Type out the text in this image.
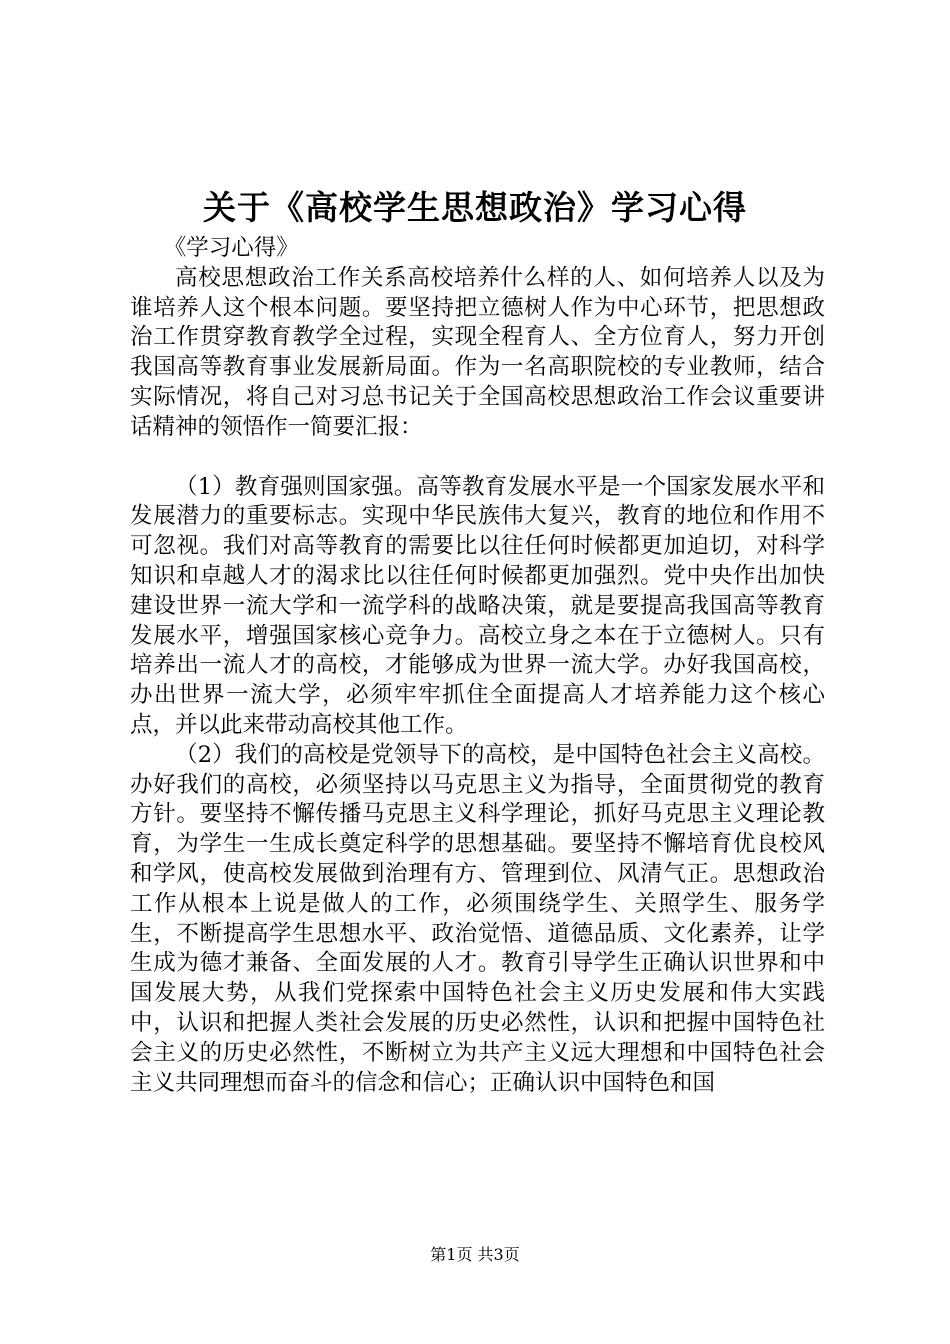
关于《高校学生思想政治》学习心得

《学习心得》

高校思想政治工作关系高校培养什么样的人、如何培养人以及为谁培养人这个根本问题。要坚持把立德树人作为中心环节，把思想政治工作贯穿教育教学全过程，实现全程育人、全方位育人，努力开创我国高等教育事业发展新局面。作为一名高职院校的专业教师，结合实际情况，将自己对习总书记关于全国高校思想政治工作会议重要讲话精神的领悟作一简要汇报：

（1）教育强则国家强。高等教育发展水平是一个国家发展水平和发展潜力的重要标志。实现中华民族伟大复兴，教育的地位和作用不可忽视。我们对高等教育的需要比以往任何时候都更加迫切，对科学知识和卓越人才的渴求比以往任何时候都更加强烈。党中央作出加快建设世界一流大学和一流学科的战略决策，就是要提高我国高等教育发展水平，增强国家核心竞争力。高校立身之本在于立德树人。只有培养出一流人才的高校，才能够成为世界一流大学。办好我国高校，办出世界一流大学，必须牢牢抓住全面提高人才培养能力这个核心点，并以此来带动高校其他工作。

（2）我们的高校是党领导下的高校，是中国特色社会主义高校。办好我们的高校，必须坚持以马克思主义为指导，全面贯彻党的教育方针。要坚持不懈传播马克思主义科学理论，抓好马克思主义理论教育，为学生一生成长奠定科学的思想基础。要坚持不懈培育优良校风和学风，使高校发展做到治理有方、管理到位、风清气正。思想政治工作从根本上说是做人的工作，必须围绕学生、关照学生、服务学生，不断提高学生思想水平、政治觉悟、道德品质、文化素养，让学生成为德才兼备、全面发展的人才。教育引导学生正确认识世界和中国发展大势，从我们党探索中国特色社会主义历史发展和伟大实践中，认识和把握人类社会发展的历史必然性，认识和把握中国特色社会主义的历史必然性，不断树立为共产主义远大理想和中国特色社会主义共同理想而奋斗的信念和信心；正确认识中国特色和国

第1页 共3页
